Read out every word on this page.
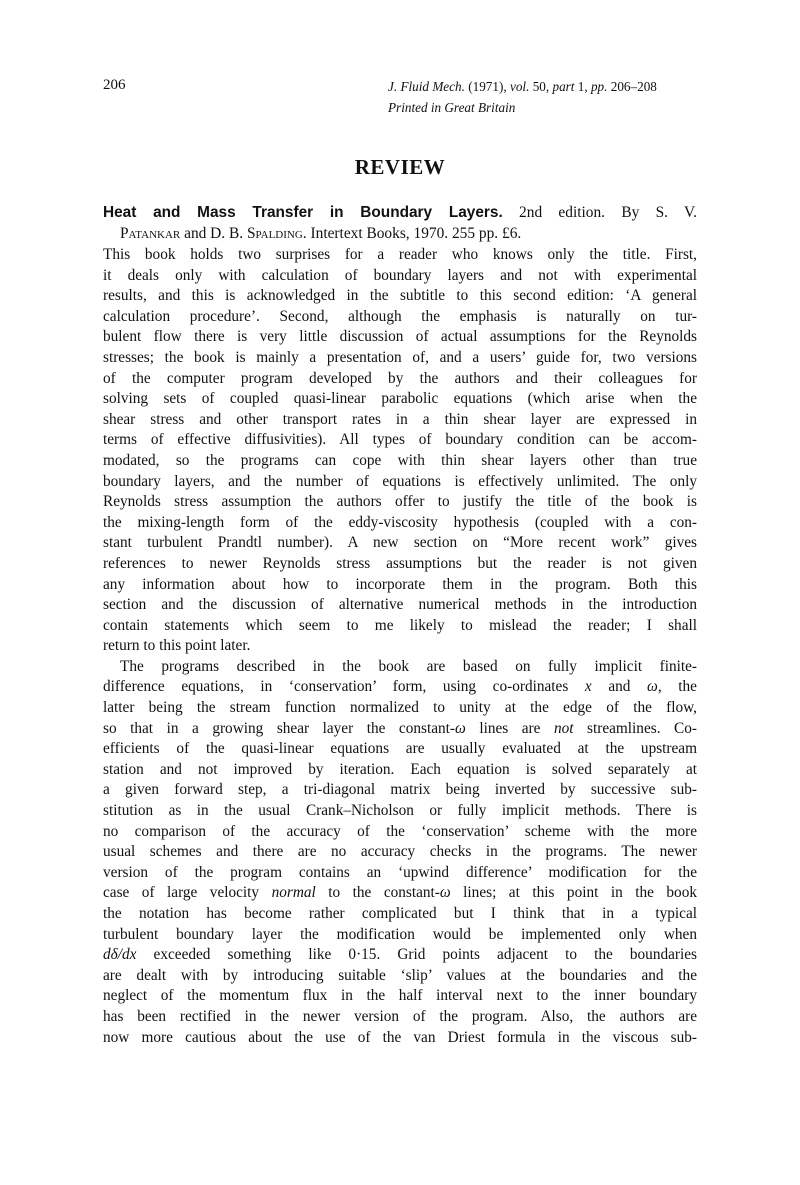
206	J. Fluid Mech. (1971), vol. 50, part 1, pp. 206–208
Printed in Great Britain
REVIEW
Heat and Mass Transfer in Boundary Layers. 2nd edition. By S. V.
Patankar and D. B. Spalding. Intertext Books, 1970. 255 pp. £6.

This book holds two surprises for a reader who knows only the title. First,

it deals only with calculation of boundary layers and not with experimental

results, and this is acknowledged in the subtitle to this second edition: ‘A general

calculation procedure’. Second, although the emphasis is naturally on tur-

bulent flow there is very little discussion of actual assumptions for the Reynolds

stresses; the book is mainly a presentation of, and a users’ guide for, two versions

of the computer program developed by the authors and their colleagues for

solving sets of coupled quasi-linear parabolic equations (which arise when the

shear stress and other transport rates in a thin shear layer are expressed in

terms of effective diffusivities). All types of boundary condition can be accom-

modated, so the programs can cope with thin shear layers other than true

boundary layers, and the number of equations is effectively unlimited. The only

Reynolds stress assumption the authors offer to justify the title of the book is

the mixing-length form of the eddy-viscosity hypothesis (coupled with a con-

stant turbulent Prandtl number). A new section on “More recent work” gives

references to newer Reynolds stress assumptions but the reader is not given

any information about how to incorporate them in the program. Both this

section and the discussion of alternative numerical methods in the introduction

contain statements which seem to me likely to mislead the reader; I shall

return to this point later.

The programs described in the book are based on fully implicit finite-

difference equations, in ‘conservation’ form, using co-ordinates x and ω, the

latter being the stream function normalized to unity at the edge of the flow,

so that in a growing shear layer the constant-ω lines are not streamlines. Co-

efficients of the quasi-linear equations are usually evaluated at the upstream

station and not improved by iteration. Each equation is solved separately at

a given forward step, a tri-diagonal matrix being inverted by successive sub-

stitution as in the usual Crank–Nicholson or fully implicit methods. There is

no comparison of the accuracy of the ‘conservation’ scheme with the more

usual schemes and there are no accuracy checks in the programs. The newer

version of the program contains an ‘upwind difference’ modification for the

case of large velocity normal to the constant-ω lines; at this point in the book

the notation has become rather complicated but I think that in a typical

turbulent boundary layer the modification would be implemented only when

dδ/dx exceeded something like 0·15. Grid points adjacent to the boundaries

are dealt with by introducing suitable ‘slip’ values at the boundaries and the

neglect of the momentum flux in the half interval next to the inner boundary

has been rectified in the newer version of the program. Also, the authors are

now more cautious about the use of the van Driest formula in the viscous sub-
